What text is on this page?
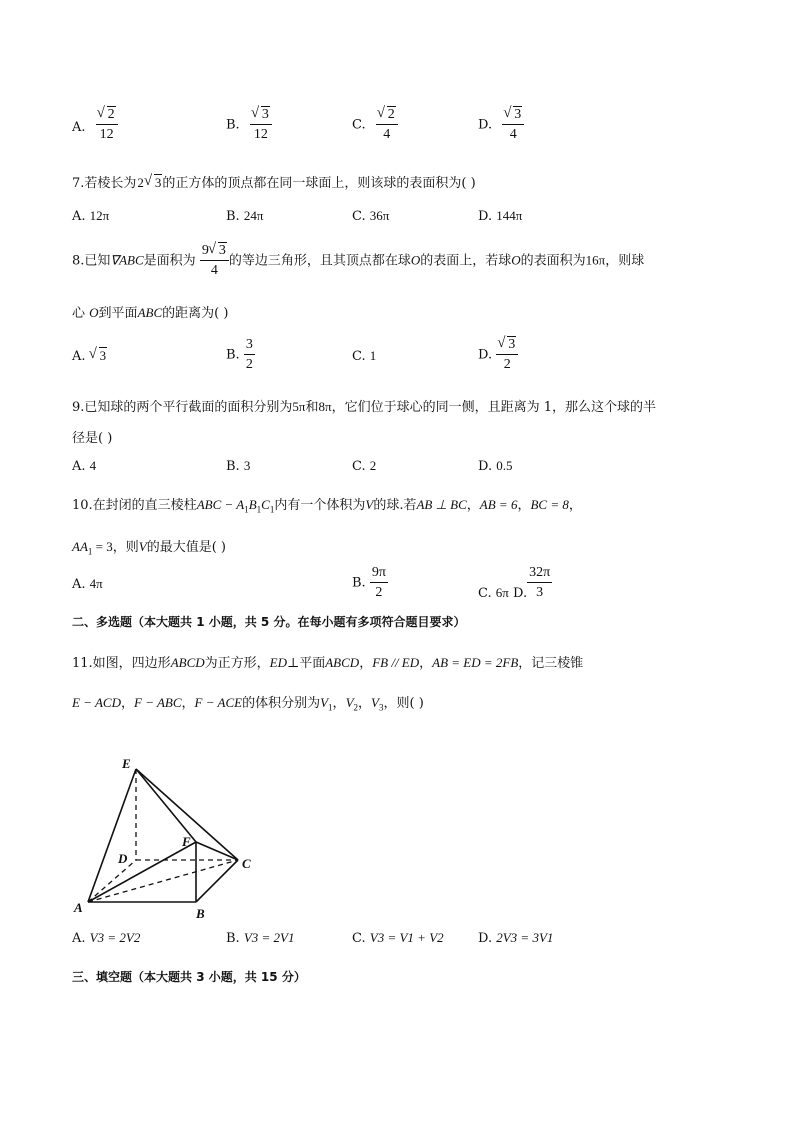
A. √ $\frac{2}{12}$	B. √ $\frac{3}{12}$	C. √ $\frac{2}{4}$	D. √ $\frac{3}{4}$
7.若棱长为2 √ 3的正方体的顶点都在同一球面上，则该球的表面积为( )
A. 12π	B. 24π	C. 36π	D. 144π
8.已知∇ABC是面积为 $\frac{9 √ 3}{4}$ 的等边三角形，且其顶点都在球O的表面上，若球O的表面积为16π，则球
心 O到平面ABC的距离为( )
A. √ 3	B. $\frac{3}{2}$	C. 1	D. √ $\frac{3}{2}$
9.已知球的两个平行截面的面积分别为5π和8π，它们位于球心的同一侧，且距离为 1，那么这个球的半
径是( )
A. 4	B. 3	C. 2	D. 0.5
10.在封闭的直三棱柱ABC − $A_1B_1C_1$内有一个体积为V的球.若AB ⊥ BC，AB = 6，BC = 8，
$AA_1 = 3$，则V的最大值是( )
A. 4π	B. $\frac{9\pi}{2}$	C. 6π D. $\frac{32\pi}{3}$
二、多选题（本大题共 1 小题，共 5 分。在每小题有多项符合题目要求）
11.如图，四边形ABCD为正方形，ED⊥平面ABCD，FB // ED，AB = ED = 2FB，记三棱锥
E − ACD，F − ABC，F − ACE的体积分别为$V_1$，$V_2$，$V_3$，则( )
E
F
D	C
A	B
A. V3 = 2V2	B. V3 = 2V1	C. V3 = V1 + V2	D. 2V3 = 3V1
三、填空题（本大题共 3 小题，共 15 分）
